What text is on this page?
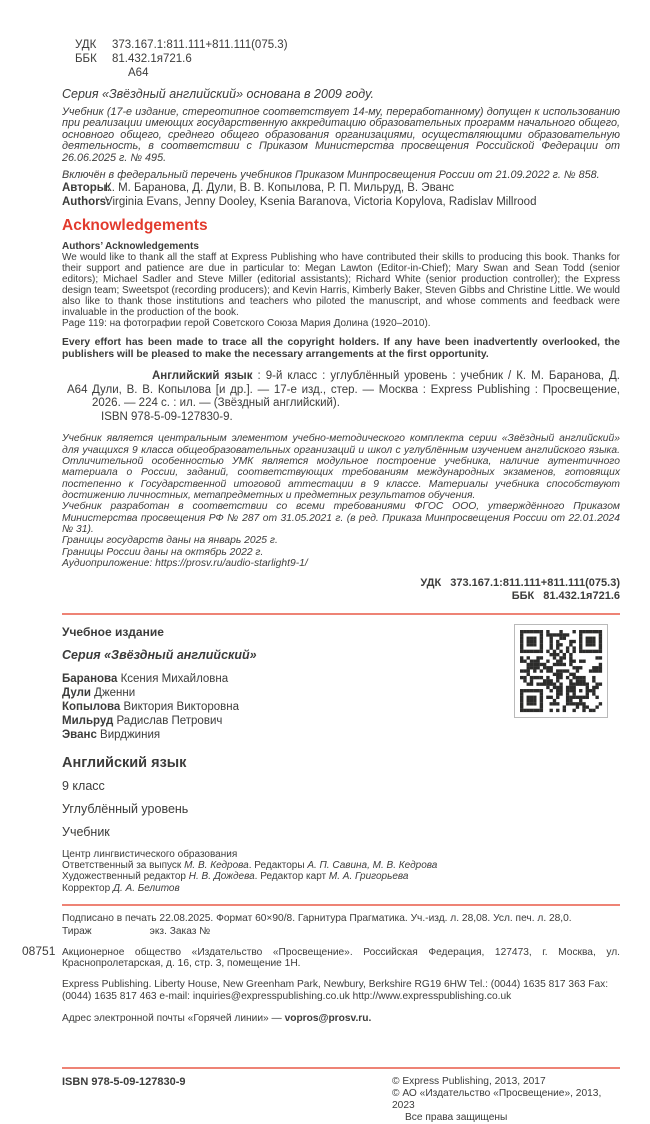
УДК	373.167.1:811.111+811.111(075.3)
ББК	81.432.1я721.6
А64

Серия «Звёздный английский» основана в 2009 году.

Учебник (17-е издание, стереотипное соответствует 14-му, переработанному) допущен к использованию при реализации имеющих государственную аккредитацию образовательных программ начального общего, основного общего, среднего общего образования организациями, осуществляющими образовательную деятельность, в соответствии с Приказом Министерства просвещения Российской Федерации от 26.06.2025 г. № 495.

Включён в федеральный перечень учебников Приказом Минпросвещения России от 21.09.2022 г. № 858.

Авторы:
К. М. Баранова, Д. Дули, В. В. Копылова, Р. П. Мильруд, В. Эванс
Authors:
Virginia Evans, Jenny Dooley, Ksenia Baranova, Victoria Kopylova, Radislav Millrood
Acknowledgements
Authors’ Acknowledgements

We would like to thank all the staff at Express Publishing who have contributed their skills to producing this book. Thanks for their support and patience are due in particular to: Megan Lawton (Editor-in-Chief); Mary Swan and Sean Todd (senior editors); Michael Sadler and Steve Miller (editorial assistants); Richard White (senior production controller); the Express design team; Sweetspot (recording producers); and Kevin Harris, Kimberly Baker, Steven Gibbs and Christine Little. We would also like to thank those institutions and teachers who piloted the manuscript, and whose comments and feedback were invaluable in the production of the book.

Page 119: на фотографии герой Советского Союза Мария Долина (1920–2010).

Every effort has been made to trace all the copyright holders. If any have been inadvertently overlooked, the publishers will be pleased to make the necessary arrangements at the first opportunity.

А64

Английский язык : 9-й класс : углублённый уровень : учебник / К. М. Баранова, Д. Дули, В. В. Копылова [и др.]. — 17-е изд., стер. — Москва : Express Publishing : Просвещение, 2026. — 224 с. : ил. — (Звёздный английский).

ISBN 978-5-09-127830-9.

Учебник является центральным элементом учебно-методического комплекта серии «Звёздный английский» для учащихся 9 класса общеобразовательных организаций и школ с углублённым изучением английского языка. Отличительной особенностью УМК является модульное построение учебника, наличие аутентичного материала о России, заданий, соответствующих требованиям международных экзаменов, готовящих постепенно к Государственной итоговой аттестации в 9 классе. Материалы учебника способствуют достижению личностных, метапредметных и предметных результатов обучения.

Учебник разработан в соответствии со всеми требованиями ФГОС ООО, утверждённого Приказом Министерства просвещения РФ № 287 от 31.05.2021 г. (в ред. Приказа Минпросвещения России от 22.01.2024 № 31).

Границы государств даны на январь 2025 г.

Границы России даны на октябрь 2022 г.

Аудиоприложение: https://prosv.ru/audio-starlight9-1/

УДК 373.167.1:811.111+811.111(075.3)
ББК 81.432.1я721.6
Учебное издание
Серия «Звёздный английский»
Баранова Ксения Михайловна
Дули Дженни
Копылова Виктория Викторовна
Мильруд Радислав Петрович
Эванс Вирджиния
Английский язык
9 класс
Углублённый уровень
Учебник
Центр лингвистического образования
Ответственный за выпуск М. В. Кедрова. Редакторы А. П. Савина, М. В. Кедрова
Художественный редактор Н. В. Дождева. Редактор карт М. А. Григорьева
Корректор Д. А. Белитов
Подписано в печать 22.08.2025. Формат 60×90/8. Гарнитура Прагматика. Уч.-изд. л. 28,08. Усл. печ. л. 28,0.
Тираж	экз. Заказ №

Акционерное общество «Издательство «Просвещение». Российская Федерация, 127473, г. Москва, ул. Краснопролетарская, д. 16, стр. 3, помещение 1Н.

Express Publishing. Liberty House, New Greenham Park, Newbury, Berkshire RG19 6HW Tel.: (0044) 1635 817 363 Fax: (0044) 1635 817 463 e-mail: inquiries@expresspublishing.co.uk http://www.expresspublishing.co.uk

Адрес электронной почты «Горячей линии» — vopros@prosv.ru.

ISBN 978-5-09-127830-9	© Express Publishing, 2013, 2017
© АО «Издательство «Просвещение», 2013, 2023
Все права защищены
08751
